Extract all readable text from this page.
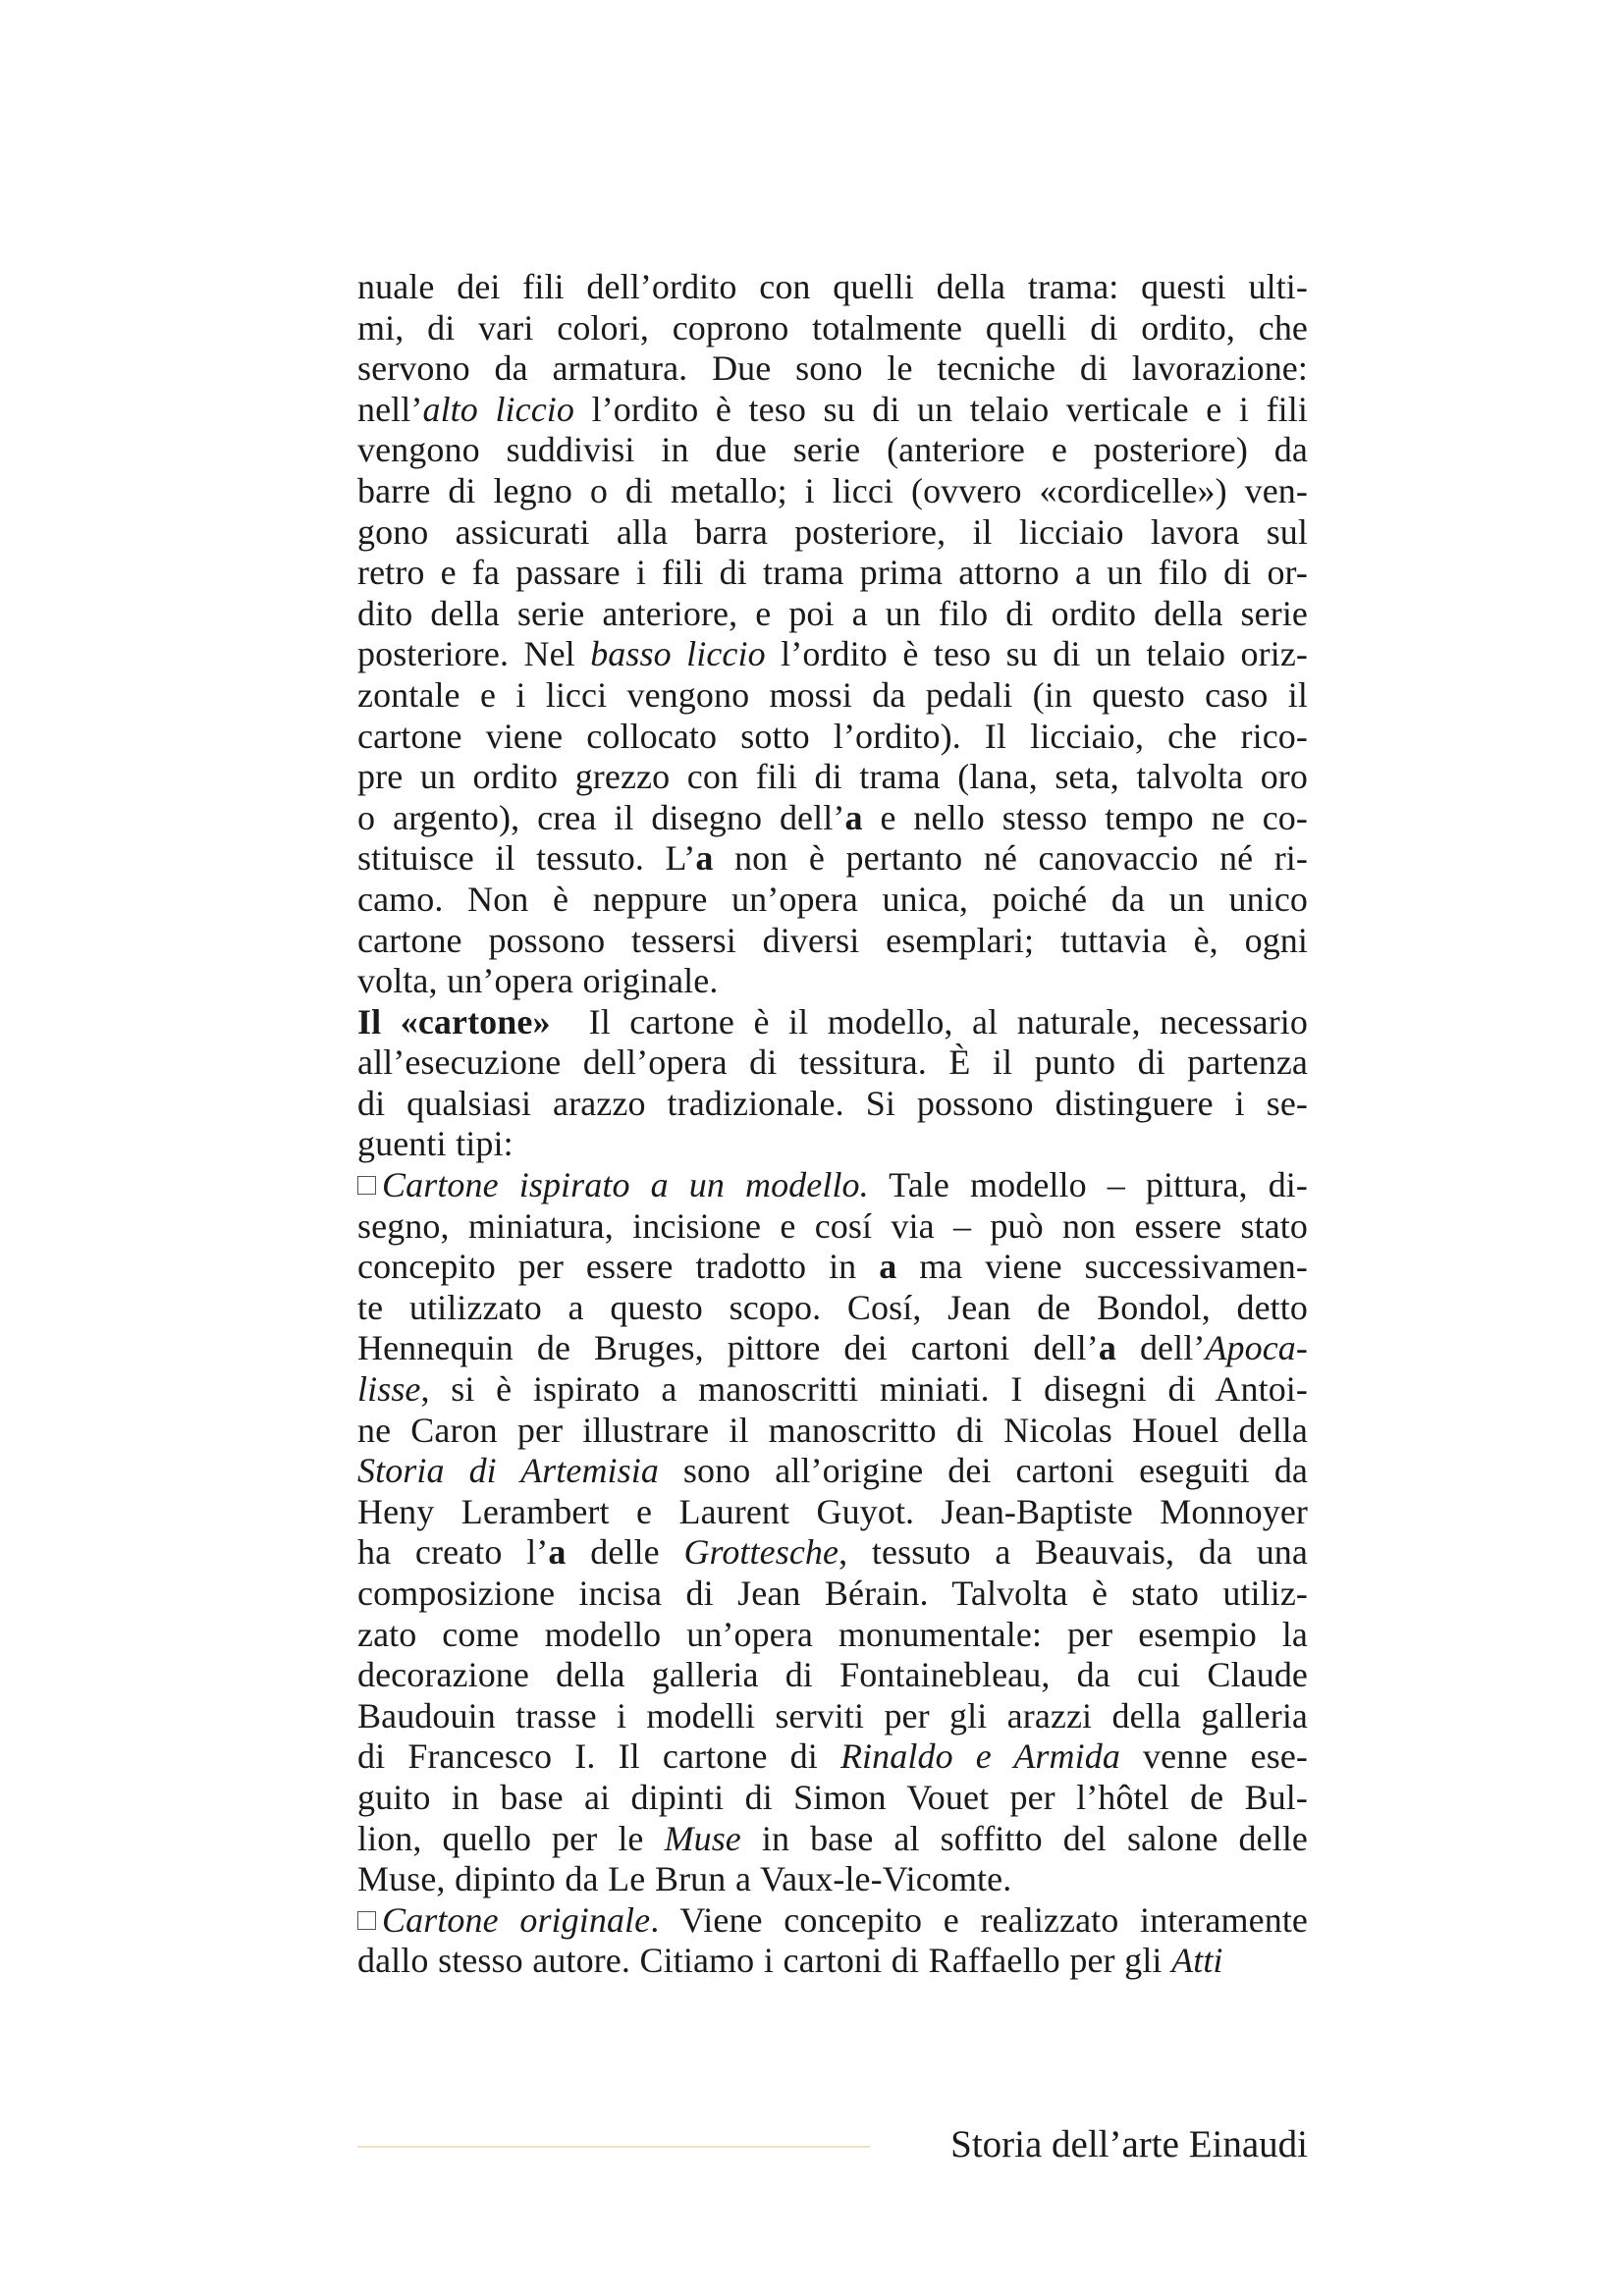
nuale dei fili dell’ordito con quelli della trama: questi ulti-
mi, di vari colori, coprono totalmente quelli di ordito, che
servono da armatura. Due sono le tecniche di lavorazione:
nell’alto liccio l’ordito è teso su di un telaio verticale e i fili
vengono suddivisi in due serie (anteriore e posteriore) da
barre di legno o di metallo; i licci (ovvero «cordicelle») ven-
gono assicurati alla barra posteriore, il licciaio lavora sul
retro e fa passare i fili di trama prima attorno a un filo di or-
dito della serie anteriore, e poi a un filo di ordito della serie
posteriore. Nel basso liccio l’ordito è teso su di un telaio oriz-
zontale e i licci vengono mossi da pedali (in questo caso il
cartone viene collocato sotto l’ordito). Il licciaio, che rico-
pre un ordito grezzo con fili di trama (lana, seta, talvolta oro
o argento), crea il disegno dell’a e nello stesso tempo ne co-
stituisce il tessuto. L’a non è pertanto né canovaccio né ri-
camo. Non è neppure un’opera unica, poiché da un unico
cartone possono tessersi diversi esemplari; tuttavia è, ogni
volta, un’opera originale.
Il «cartone»  Il cartone è il modello, al naturale, necessario
all’esecuzione dell’opera di tessitura. È il punto di partenza
di qualsiasi arazzo tradizionale. Si possono distinguere i se-
guenti tipi:
Cartone ispirato a un modello. Tale modello – pittura, di-
segno, miniatura, incisione e cosí via – può non essere stato
concepito per essere tradotto in a ma viene successivamen-
te utilizzato a questo scopo. Cosí, Jean de Bondol, detto
Hennequin de Bruges, pittore dei cartoni dell’a dell’Apoca-
lisse, si è ispirato a manoscritti miniati. I disegni di Antoi-
ne Caron per illustrare il manoscritto di Nicolas Houel della
Storia di Artemisia sono all’origine dei cartoni eseguiti da
Heny Lerambert e Laurent Guyot. Jean-Baptiste Monnoyer
ha creato l’a delle Grottesche, tessuto a Beauvais, da una
composizione incisa di Jean Bérain. Talvolta è stato utiliz-
zato come modello un’opera monumentale: per esempio la
decorazione della galleria di Fontainebleau, da cui Claude
Baudouin trasse i modelli serviti per gli arazzi della galleria
di Francesco I. Il cartone di Rinaldo e Armida venne ese-
guito in base ai dipinti di Simon Vouet per l’hôtel de Bul-
lion, quello per le Muse in base al soffitto del salone delle
Muse, dipinto da Le Brun a Vaux-le-Vicomte.
Cartone originale. Viene concepito e realizzato interamente
dallo stesso autore. Citiamo i cartoni di Raffaello per gli Atti
Storia dell’arte Einaudi
